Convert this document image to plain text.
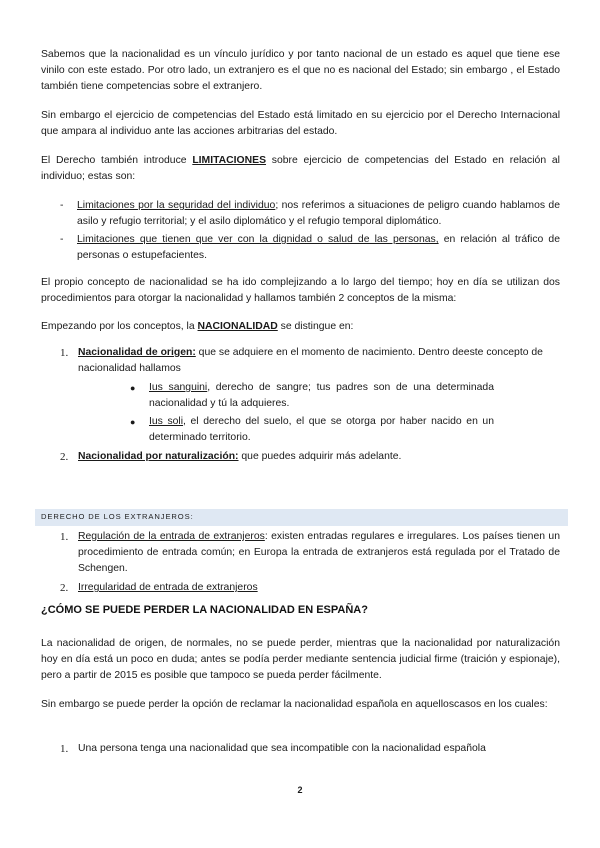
Sabemos que la nacionalidad es un vínculo jurídico y por tanto nacional de un estado es aquel que tiene ese vinilo con este estado. Por otro lado, un extranjero es el que no es nacional del Estado; sin embargo , el Estado también tiene competencias sobre el extranjero.

Sin embargo el ejercicio de competencias del Estado está limitado en su ejercicio por el Derecho Internacional que ampara al individuo ante las acciones arbitrarias del estado.

El Derecho también introduce LIMITACIONES sobre ejercicio de competencias del Estado en relación al individuo; estas son:

- Limitaciones por la seguridad del individuo; nos referimos a situaciones de peligro cuando hablamos de asilo y refugio territorial; y el asilo diplomático y el refugio temporal diplomático.

- Limitaciones que tienen que ver con la dignidad o salud de las personas, en relación al tráfico de personas o estupefacientes.

El propio concepto de nacionalidad se ha ido complejizando a lo largo del tiempo; hoy en día se utilizan dos procedimientos para otorgar la nacionalidad y hallamos también 2 conceptos de la misma:

Empezando por los conceptos, la NACIONALIDAD se distingue en:

1. Nacionalidad de origen: que se adquiere en el momento de nacimiento. Dentro deeste concepto de nacionalidad hallamos

● Ius sanguini, derecho de sangre; tus padres son de una determinada nacionalidad y tú la adquieres.

● Ius soli, el derecho del suelo, el que se otorga por haber nacido en un determinado territorio.

2. Nacionalidad por naturalización: que puedes adquirir más adelante.

DERECHO DE LOS EXTRANJEROS:
1. Regulación de la entrada de extranjeros: existen entradas regulares e irregulares. Los países tienen un procedimiento de entrada común; en Europa la entrada de extranjeros está regulada por el Tratado de Schengen.

2. Irregularidad de entrada de extranjeros

¿CÓMO SE PUEDE PERDER LA NACIONALIDAD EN ESPAÑA?

La nacionalidad de origen, de normales, no se puede perder, mientras que la nacionalidad por naturalización hoy en día está un poco en duda; antes se podía perder mediante sentencia judicial firme (traición y espionaje), pero a partir de 2015 es posible que tampoco se pueda perder fácilmente.

Sin embargo se puede perder la opción de reclamar la nacionalidad española en aquelloscasos en los cuales:

1. Una persona tenga una nacionalidad que sea incompatible con la nacionalidad española

2
